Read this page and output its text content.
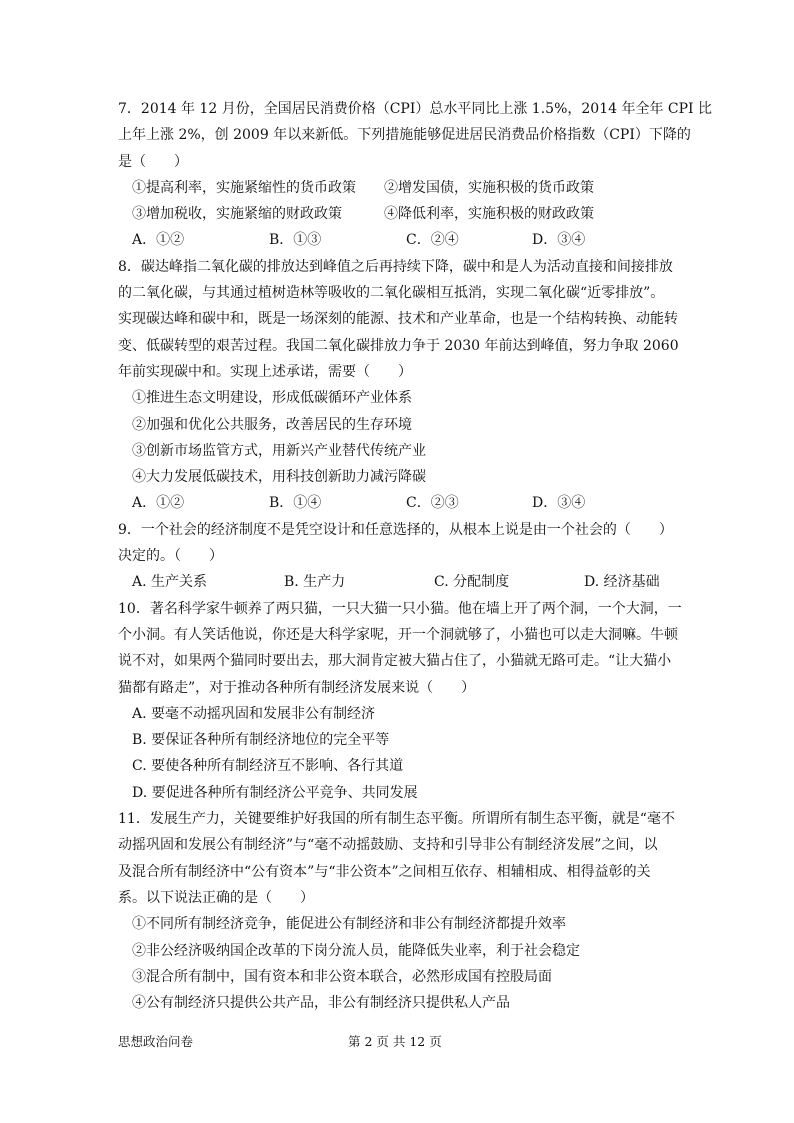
7．2014 年 12 月份，全国居民消费价格（CPI）总水平同比上涨 1.5%，2014 年全年 CPI 比
上年上涨 2%，创 2009 年以来新低。下列措施能够促进居民消费品价格指数（CPI）下降的
是（　　）
①提高利率，实施紧缩性的货币政策	②增发国债，实施积极的货币政策
③增加税收，实施紧缩的财政政策	④降低利率，实施积极的财政政策
A．①②	B．①③	C．②④	D．③④
8．碳达峰指二氧化碳的排放达到峰值之后再持续下降，碳中和是人为活动直接和间接排放
的二氧化碳，与其通过植树造林等吸收的二氧化碳相互抵消，实现二氧化碳“近零排放”。
实现碳达峰和碳中和，既是一场深刻的能源、技术和产业革命，也是一个结构转换、动能转
变、低碳转型的艰苦过程。我国二氧化碳排放力争于 2030 年前达到峰值，努力争取 2060
年前实现碳中和。实现上述承诺，需要（　　）
①推进生态文明建设，形成低碳循环产业体系
②加强和优化公共服务，改善居民的生存环境
③创新市场监管方式，用新兴产业替代传统产业
④大力发展低碳技术，用科技创新助力减污降碳
A．①②	B．①④	C．②③	D．③④
9．一个社会的经济制度不是凭空设计和任意选择的，从根本上说是由一个社会的（　　）
决定的。（　　）
A. 生产关系	B. 生产力	C. 分配制度	D. 经济基础
10．著名科学家牛顿养了两只猫，一只大猫一只小猫。他在墙上开了两个洞，一个大洞，一
个小洞。有人笑话他说，你还是大科学家呢，开一个洞就够了，小猫也可以走大洞嘛。牛顿
说不对，如果两个猫同时要出去，那大洞肯定被大猫占住了，小猫就无路可走。“让大猫小
猫都有路走”，对于推动各种所有制经济发展来说（　　）
A. 要毫不动摇巩固和发展非公有制经济
B. 要保证各种所有制经济地位的完全平等
C. 要使各种所有制经济互不影响、各行其道
D. 要促进各种所有制经济公平竞争、共同发展
11．发展生产力，关键要维护好我国的所有制生态平衡。所谓所有制生态平衡，就是“毫不
动摇巩固和发展公有制经济”与“毫不动摇鼓励、支持和引导非公有制经济发展”之间，以
及混合所有制经济中“公有资本”与“非公资本”之间相互依存、相辅相成、相得益彰的关
系。以下说法正确的是（　　）
①不同所有制经济竞争，能促进公有制经济和非公有制经济都提升效率
②非公经济吸纳国企改革的下岗分流人员，能降低失业率，利于社会稳定
③混合所有制中，国有资本和非公资本联合，必然形成国有控股局面
④公有制经济只提供公共产品，非公有制经济只提供私人产品
思想政治问卷	第 2 页 共 12 页
